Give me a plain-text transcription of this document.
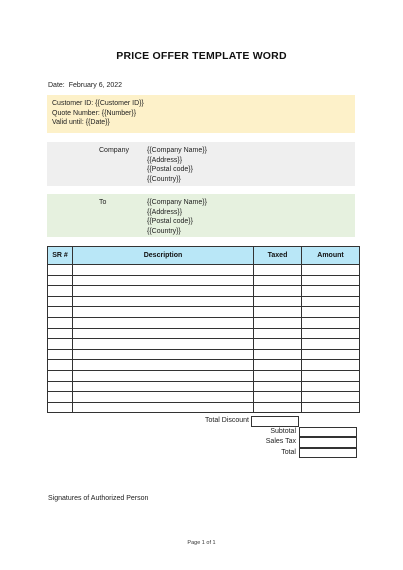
PRICE OFFER TEMPLATE WORD
Date: February 6, 2022
Customer ID: {{Customer ID}}
Quote Number: {{Number}}
Valid until: {{Date}}
Company	{{Company Name}}
{{Address}}
{{Postal code}}
{{Country}}
To	{{Company Name}}
{{Address}}
{{Postal code}}
{{Country}}
SR #	Description	Taxed	Amount

Total Discount
Subtotal
Sales Tax
Total
Signatures of Authorized Person
Page 1 of 1
